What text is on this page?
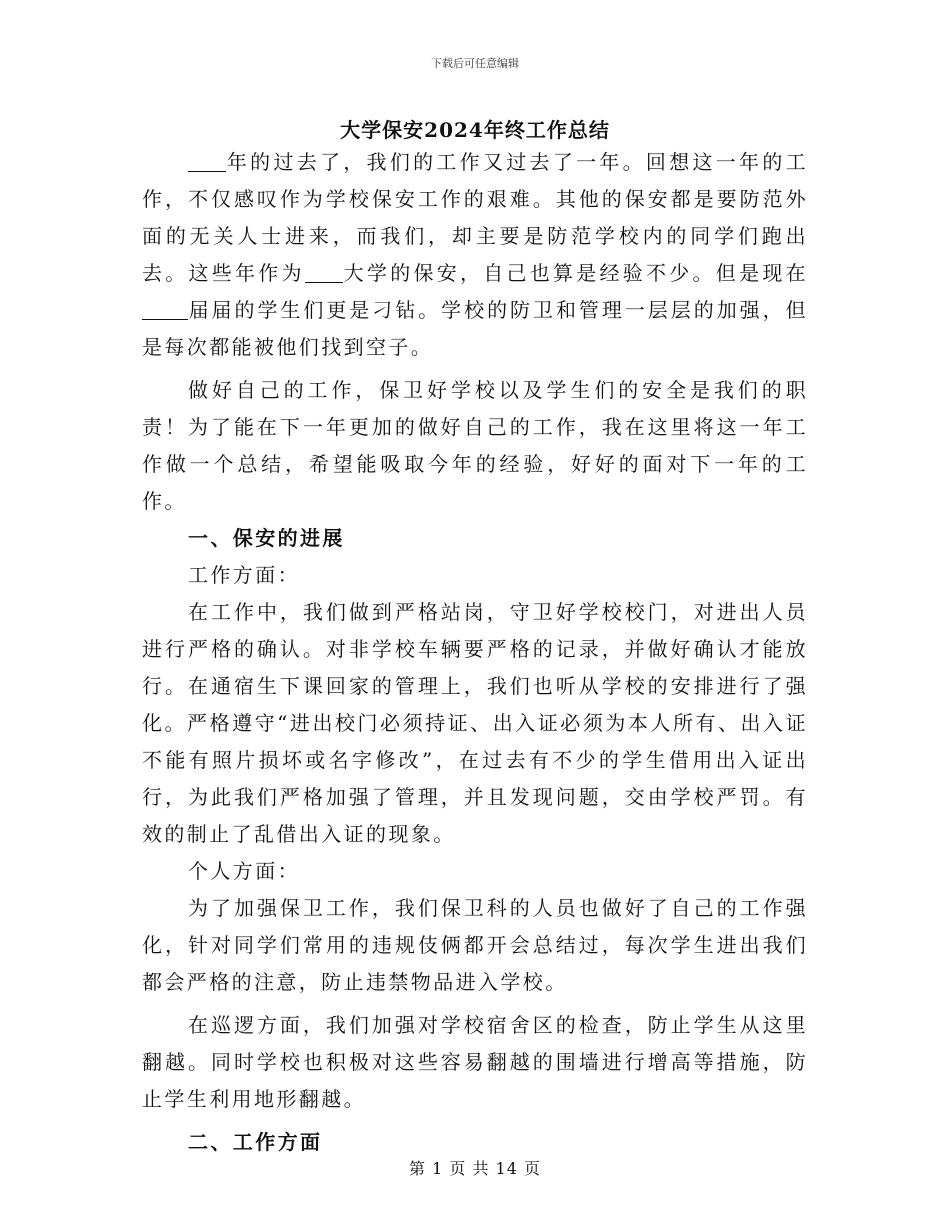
下载后可任意编辑
大学保安2024年终工作总结

年的过去了，我们的工作又过去了一年。回想这一年的工作，不仅感叹作为学校保安工作的艰难。其他的保安都是要防范外面的无关人士进来，而我们，却主要是防范学校内的同学们跑出去。这些年作为 大学的保安，自己也算是经验不少。但是现在届届的学生们更是刁钻。学校的防卫和管理一层层的加强，但是每次都能被他们找到空子。

做好自己的工作，保卫好学校以及学生们的安全是我们的职责！为了能在下一年更加的做好自己的工作，我在这里将这一年工作做一个总结，希望能吸取今年的经验，好好的面对下一年的工作。

一、保安的进展

工作方面：

在工作中，我们做到严格站岗，守卫好学校校门，对进出人员进行严格的确认。对非学校车辆要严格的记录，并做好确认才能放行。在通宿生下课回家的管理上，我们也听从学校的安排进行了强化。严格遵守“进出校门必须持证、出入证必须为本人所有、出入证不能有照片损坏或名字修改”，在过去有不少的学生借用出入证出行，为此我们严格加强了管理，并且发现问题，交由学校严罚。有效的制止了乱借出入证的现象。

个人方面：

为了加强保卫工作，我们保卫科的人员也做好了自己的工作强化，针对同学们常用的违规伎俩都开会总结过，每次学生进出我们都会严格的注意，防止违禁物品进入学校。

在巡逻方面，我们加强对学校宿舍区的检查，防止学生从这里翻越。同时学校也积极对这些容易翻越的围墙进行增高等措施，防止学生利用地形翻越。

二、工作方面
第 1 页 共 14 页
